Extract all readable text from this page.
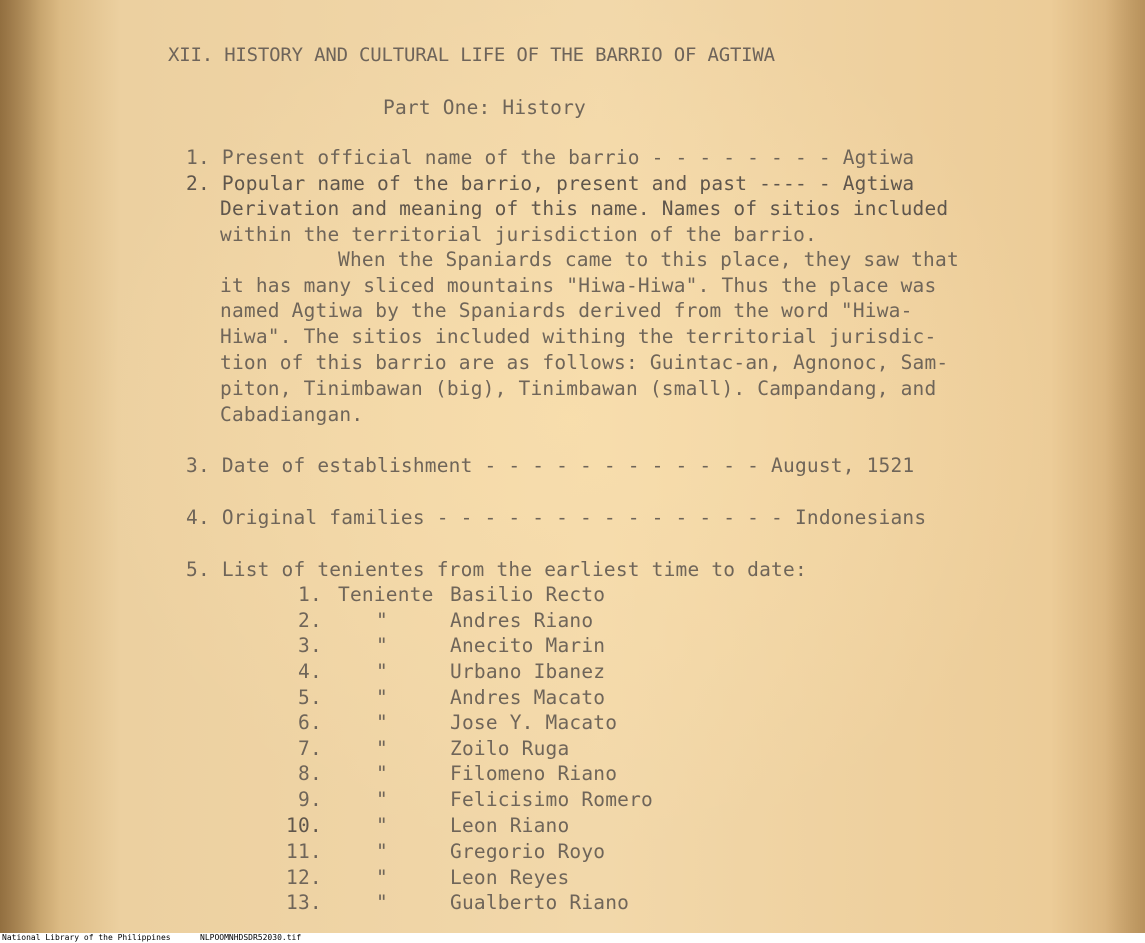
XII. HISTORY AND CULTURAL LIFE OF THE BARRIO OF AGTIWA
Part One: History
1. Present official name of the barrio - - - - - - - - Agtiwa
2. Popular name of the barrio, present and past ---- - Agtiwa
Derivation and meaning of this name. Names of sitios included
within the territorial jurisdiction of the barrio.
When the Spaniards came to this place, they saw that
it has many sliced mountains "Hiwa-Hiwa". Thus the place was
named Agtiwa by the Spaniards derived from the word "Hiwa-
Hiwa". The sitios included withing the territorial jurisdic-
tion of this barrio are as follows: Guintac-an, Agnonoc, Sam-
piton, Tinimbawan (big), Tinimbawan (small). Campandang, and
Cabadiangan.
3. Date of establishment - - - - - - - - - - - - August, 1521
4. Original families - - - - - - - - - - - - - - - Indonesians
5. List of tenientes from the earliest time to date:
1. Teniente Basilio Recto
2.	"	Andres Riano
3.	"	Anecito Marin
4.	"	Urbano Ibanez
5.	"	Andres Macato
6.	"	Jose Y. Macato
7.	"	Zoilo Ruga
8.	"	Filomeno Riano
9.	"	Felicisimo Romero
10.	"	Leon Riano
11.	"	Gregorio Royo
12.	"	Leon Reyes
13.	"	Gualberto Riano
National Library of the Philippines	NLPOOMNHDSDR52030.tif
